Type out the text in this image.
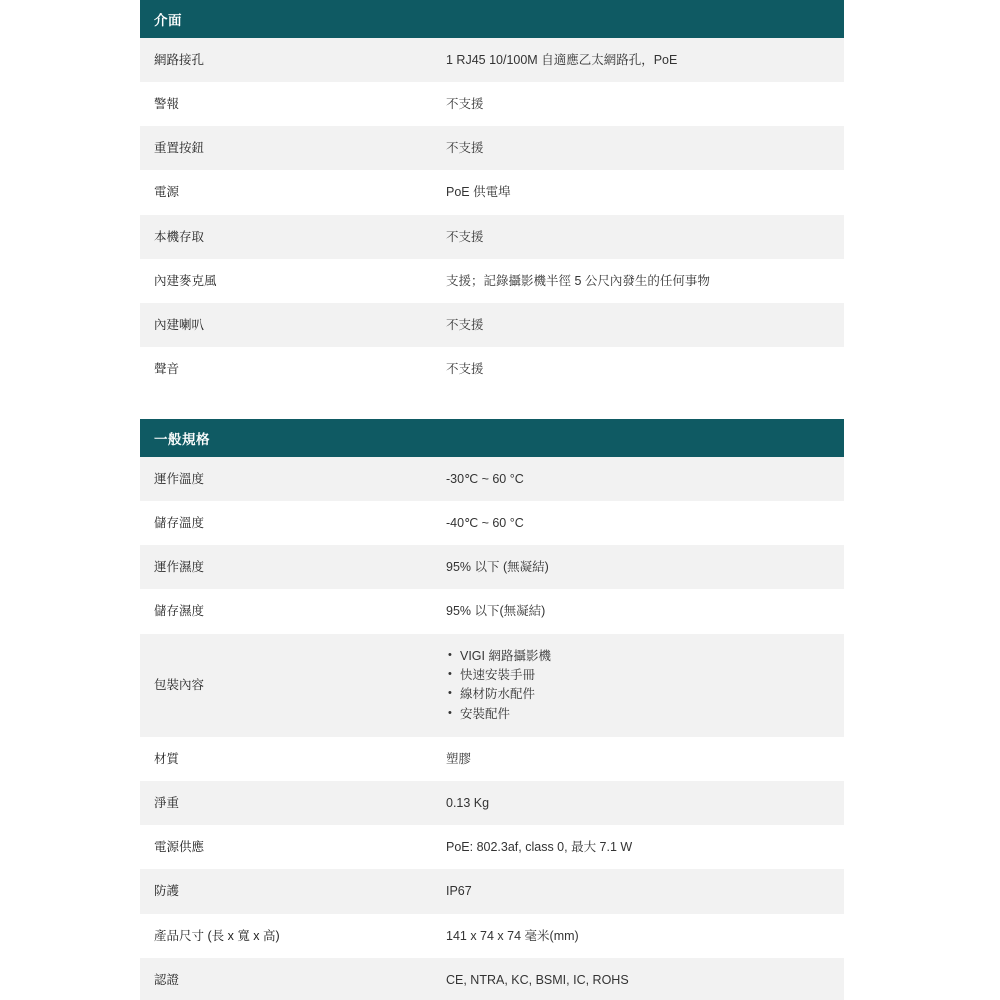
介面
網路接孔	1 RJ45 10/100M 自適應乙太網路孔，PoE
警報	不支援
重置按鈕	不支援
電源	PoE 供電埠
本機存取	不支援
內建麥克風	支援；記錄攝影機半徑 5 公尺內發生的任何事物
內建喇叭	不支援
聲音	不支援
一般規格
運作溫度	-30℃ ~ 60 °C
儲存溫度	-40℃ ~ 60 °C
運作濕度	95% 以下 (無凝結)
儲存濕度	95% 以下(無凝結)
包裝內容	
• VIGI 網路攝影機
• 快速安裝手冊
• 線材防水配件
• 安裝配件

材質	塑膠
淨重	0.13 Kg
電源供應	PoE: 802.3af, class 0, 最大 7.1 W
防護	IP67
產品尺寸 (長 x 寬 x 高)	141 x 74 x 74 毫米(mm)
認證	CE, NTRA, KC, BSMI, IC, ROHS
